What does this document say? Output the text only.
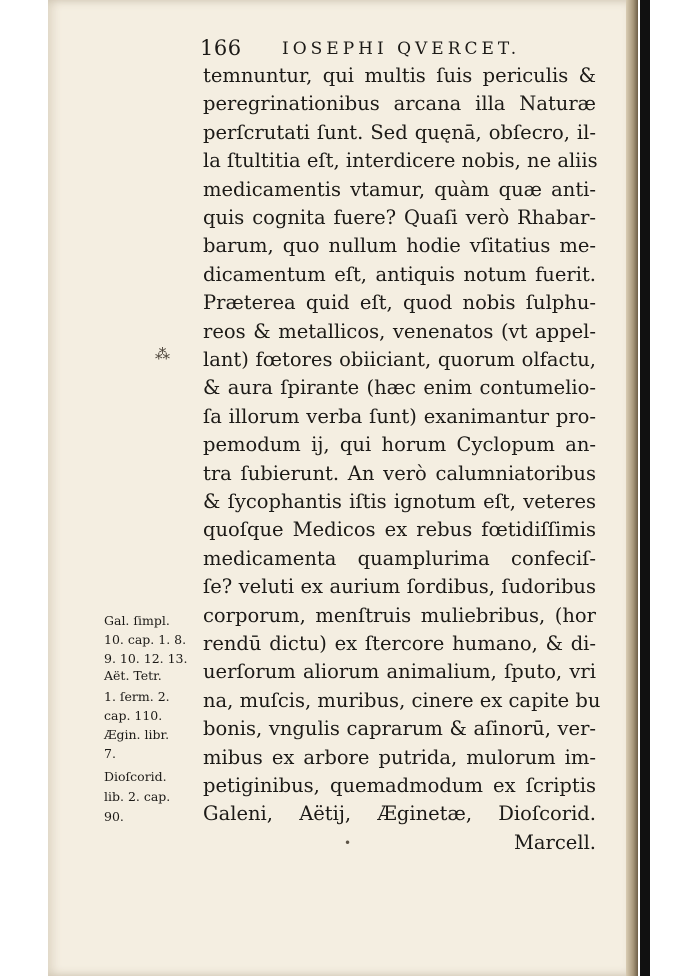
166 IOSEPHI QVERCET.
temnuntur, qui multis ſuis periculis &
peregrinationibus arcana illa Naturæ
perſcrutati ſunt. Sed quęnā, obſecro, il-
la ſtultitia eſt, interdicere nobis, ne aliis
medicamentis vtamur, quàm quæ anti-
quis cognita fuere? Quaſi verò Rhabar-
barum, quo nullum hodie vſitatius me-
dicamentum eſt, antiquis notum fuerit.
Præterea quid eſt, quod nobis ſulphu-
reos & metallicos, venenatos (vt appel-
lant) fœtores obiiciant, quorum olfactu,
& aura ſpirante (hæc enim contumelio-
ſa illorum verba ſunt) exanimantur pro-
pemodum ij, qui horum Cyclopum an-
tra ſubierunt. An verò calumniatoribus
& ſycophantis iſtis ignotum eſt, veteres
quoſque Medicos ex rebus fœtidiſſimis
medicamenta quamplurima confeciſ-
ſe? veluti ex aurium ſordibus, ſudoribus
corporum, menſtruis muliebribus, (hor
rendū dictu) ex ſtercore humano, & di-
uerſorum aliorum animalium, ſputo, vri
na, muſcis, muribus, cinere ex capite bu
bonis, vngulis caprarum & aſinorū, ver-
mibus ex arbore putrida, mulorum im-
petiginibus, quemadmodum ex ſcriptis
Galeni, Aëtij, Æginetæ, Dioſcorid.
Marcell.
Gal. ſimpl.
10. cap. 1. 8.
9. 10. 12. 13.
Aët. Tetr.
1. ſerm. 2.
cap. 110.
Ægin. libr.
7.
Dioſcorid.
lib. 2. cap.
90.
⁂
•
